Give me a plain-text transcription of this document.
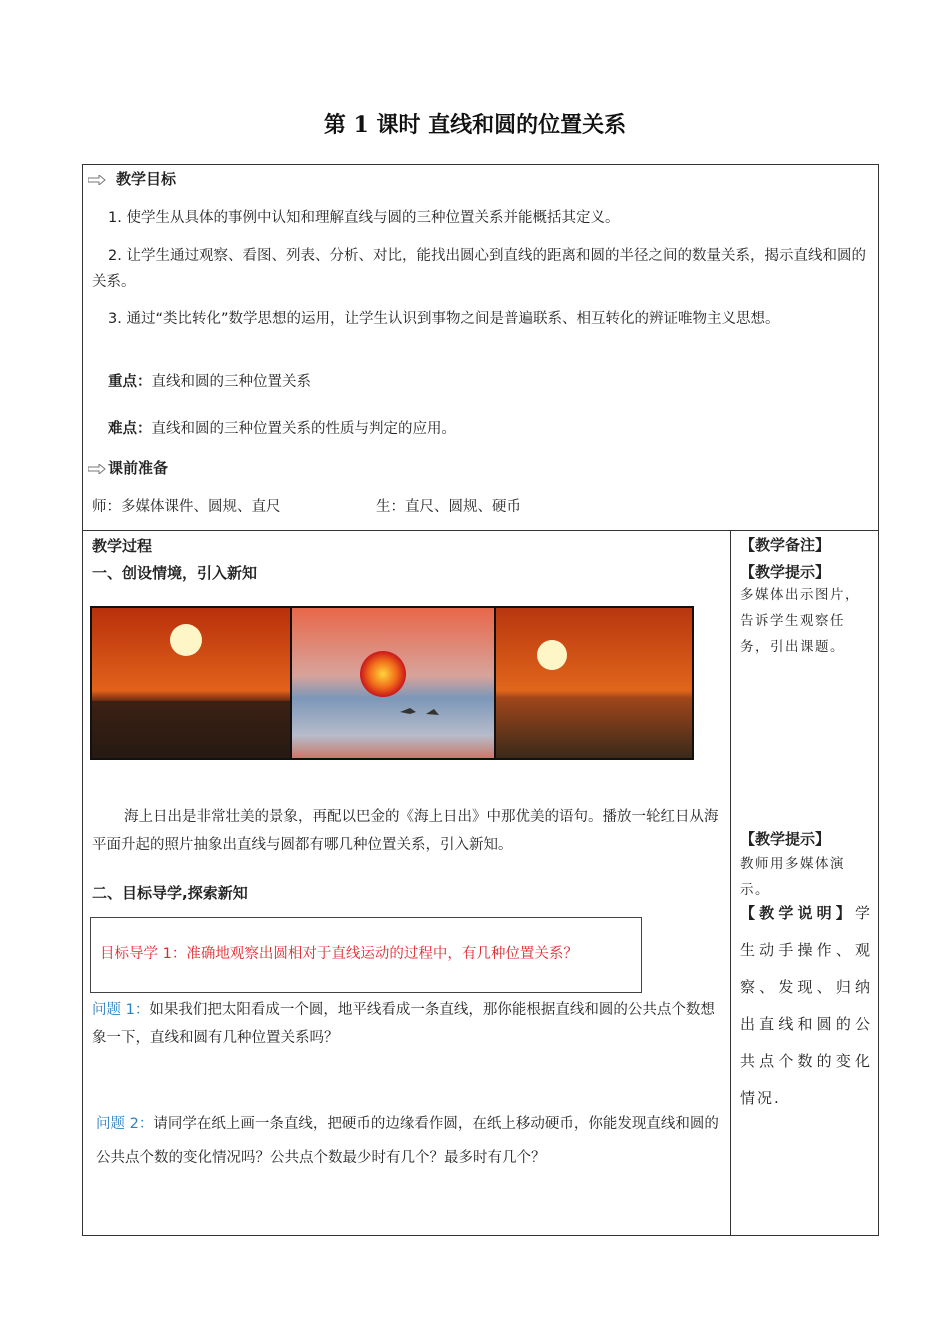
第 1 课时 直线和圆的位置关系
教学目标
1. 使学生从具体的事例中认知和理解直线与圆的三种位置关系并能概括其定义。
2. 让学生通过观察、看图、列表、分析、对比，能找出圆心到直线的距离和圆的半径之间的数量关系，揭示直线和圆的关系。
3. 通过“类比转化”数学思想的运用，让学生认识到事物之间是普遍联系、相互转化的辨证唯物主义思想。
重点：直线和圆的三种位置关系
难点：直线和圆的三种位置关系的性质与判定的应用。
课前准备
师：多媒体课件、圆规、直尺	生：直尺、圆规、硬币
教学过程
一、创设情境，引入新知
海上日出是非常壮美的景象，再配以巴金的《海上日出》中那优美的语句。播放一轮红日从海平面升起的照片抽象出直线与圆都有哪几种位置关系，引入新知。
二、目标导学,探索新知
目标导学 1：准确地观察出圆相对于直线运动的过程中，有几种位置关系？
问题 1：如果我们把太阳看成一个圆，地平线看成一条直线，那你能根据直线和圆的公共点个数想象一下，直线和圆有几种位置关系吗？
问题 2：请同学在纸上画一条直线，把硬币的边缘看作圆，在纸上移动硬币，你能发现直线和圆的公共点个数的变化情况吗？公共点个数最少时有几个？最多时有几个？
【教学备注】
【教学提示】
多媒体出示图片，告诉学生观察任务，引出课题。
【教学提示】
教师用多媒体演示。
【教学说明】学生动手操作、观察、发现、归纳出直线和圆的公共点个数的变化情况.
